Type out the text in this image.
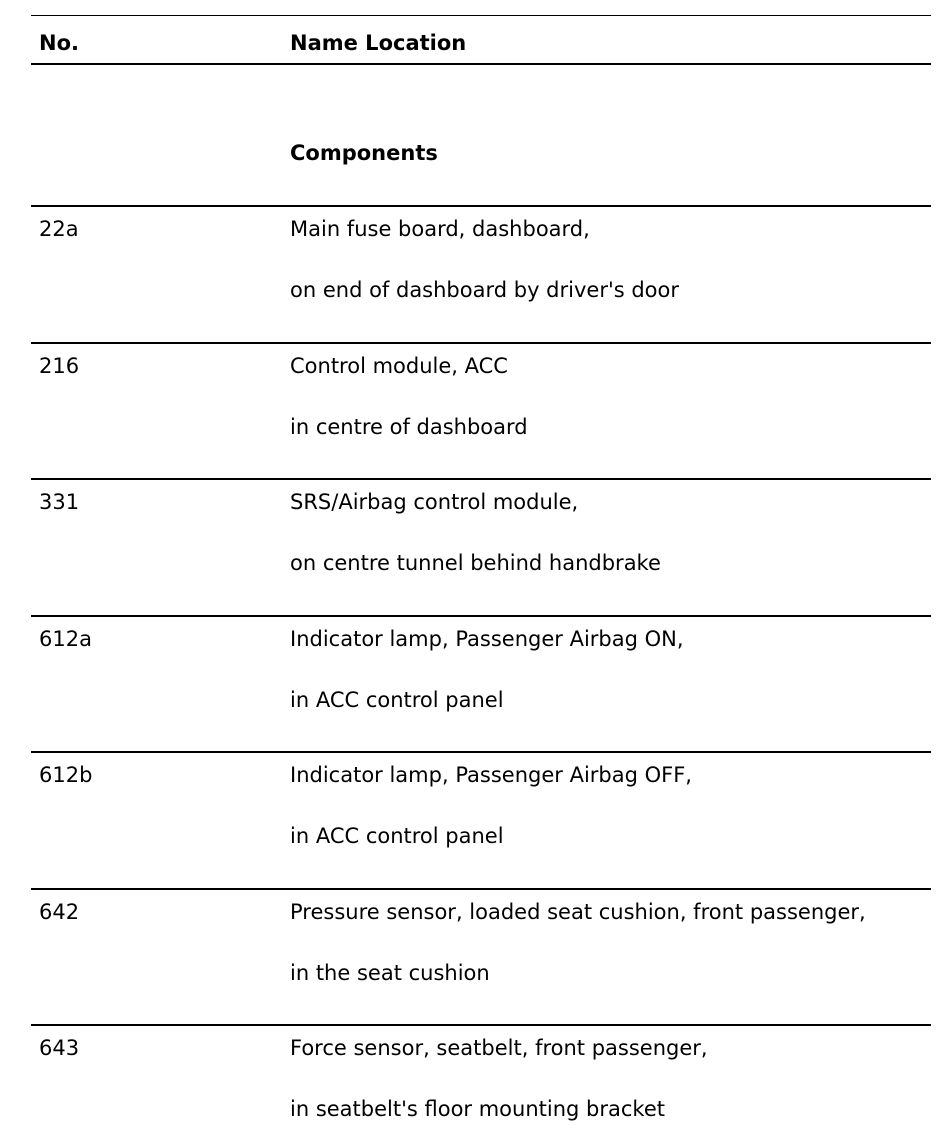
No.	Name Location
Components
22a	Main fuse board, dashboard,
on end of dashboard by driver's door
216	Control module, ACC
in centre of dashboard
331	SRS/Airbag control module,
on centre tunnel behind handbrake
612a	Indicator lamp, Passenger Airbag ON,
in ACC control panel
612b	Indicator lamp, Passenger Airbag OFF,
in ACC control panel
642	Pressure sensor, loaded seat cushion, front passenger,
in the seat cushion
643	Force sensor, seatbelt, front passenger,
in seatbelt's floor mounting bracket
